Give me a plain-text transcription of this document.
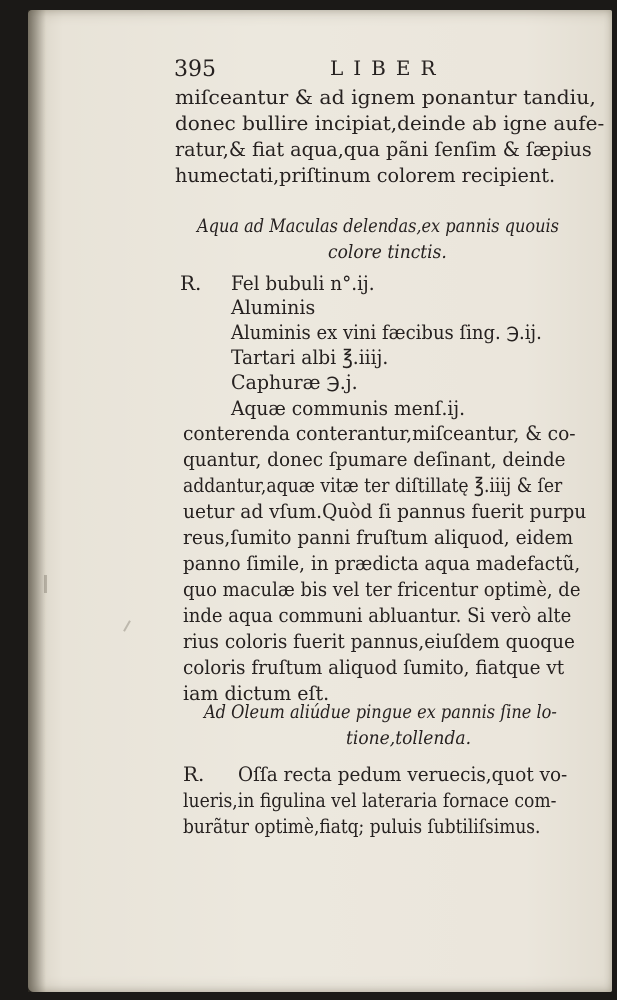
395	LIBER
miſceantur & ad ignem ponantur tandiu,
donec bullire incipiat,deinde ab igne aufe-
ratur,& fiat aqua,qua pãni ſenſim & ſæpius
humectati,priſtinum colorem recipient.
Aqua ad Maculas delendas,ex pannis quouis
colore tinctis.
R. Fel bubuli n°.ij.
Aluminis
Aluminis ex vini fæcibus ſing. ℈.ij.
Tartari albi ℥.iiij.
Caphuræ ℈.j.
Aquæ communis menſ.ij.
conterenda conterantur,miſceantur, & co-
quantur, donec ſpumare deſinant, deinde
addantur,aquæ vitæ ter diſtillatę ℥.iiij & ſer
uetur ad vſum.Quòd ſi pannus fuerit purpu
reus,ſumito panni fruſtum aliquod, eidem
panno ſimile, in prædicta aqua madefactũ,
quo maculæ bis vel ter fricentur optimè, de
inde aqua communi abluantur. Si verò alte
rius coloris fuerit pannus,eiuſdem quoque
coloris fruſtum aliquod ſumito, fiatque vt
iam dictum eſt.
Ad Oleum aliúdue pingue ex pannis ſine lo-
tione,tollenda.
R. Oſſa recta pedum veruecis,quot vo-
lueris,in figulina vel lateraria fornace com-
burãtur optimè,fiatq; puluis ſubtiliſsimus.
